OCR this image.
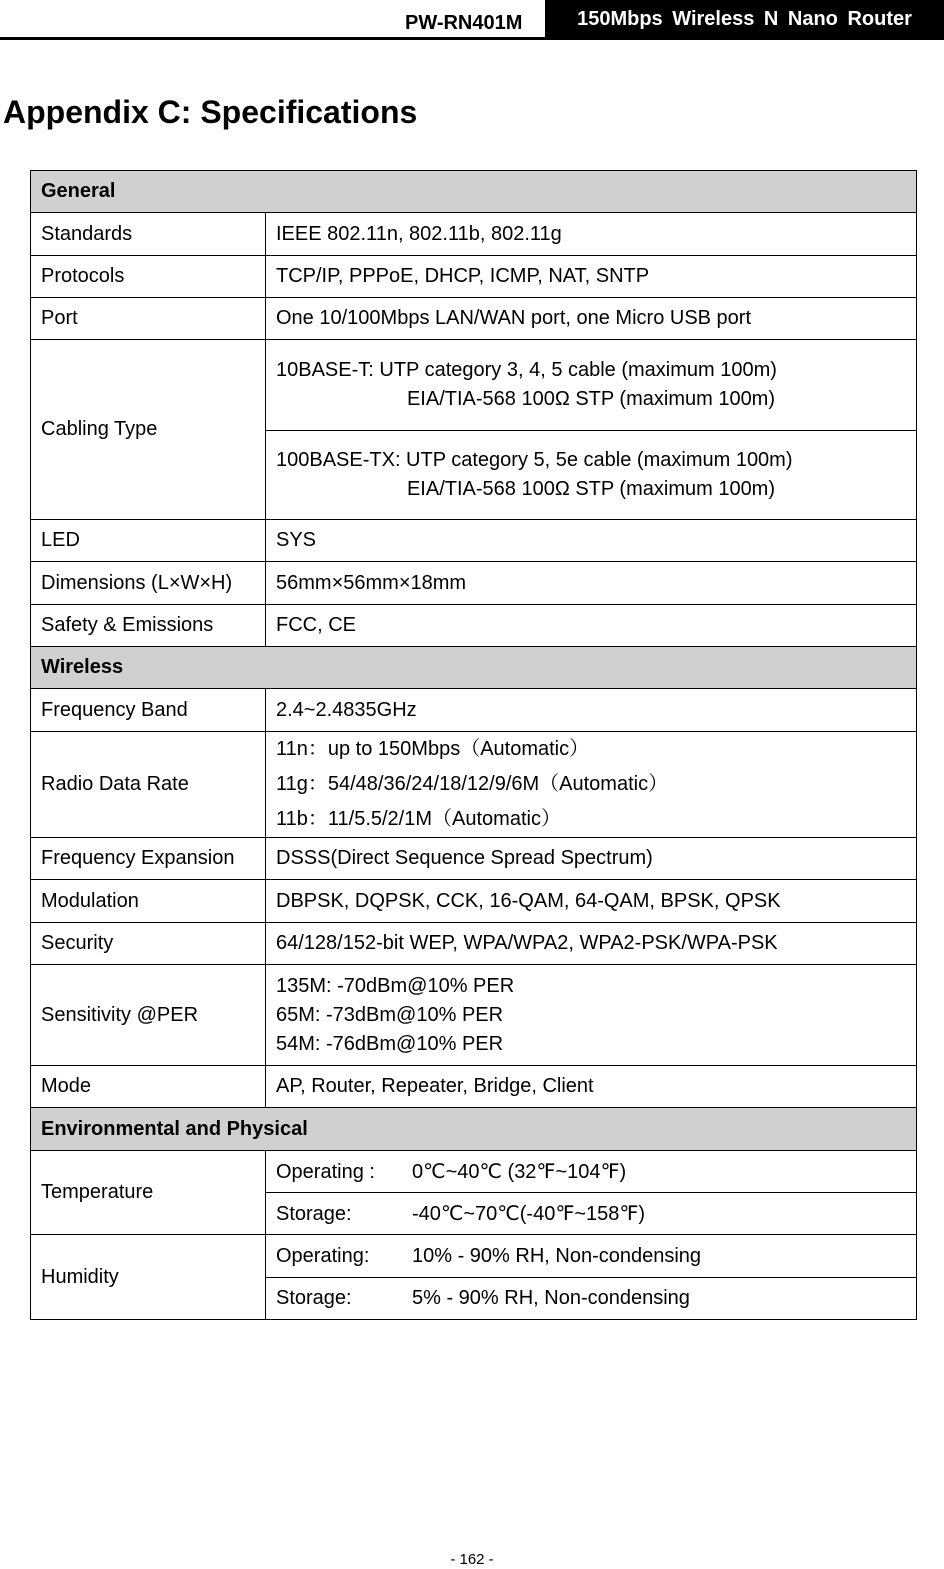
PW-RN401M	150Mbps Wireless N Nano Router
Appendix C: Specifications
General	
Standards	IEEE 802.11n, 802.11b, 802.11g
Protocols	TCP/IP, PPPoE, DHCP, ICMP, NAT, SNTP
Port	One 10/100Mbps LAN/WAN port, one Micro USB port
Cabling Type	10BASE-T: UTP category 3, 4, 5 cable (maximum 100m)
EIA/TIA-568 100Ω STP (maximum 100m)

	100BASE-TX: UTP category 5, 5e cable (maximum 100m)
EIA/TIA-568 100Ω STP (maximum 100m)

LED	SYS
Dimensions (L×W×H)	56mm×56mm×18mm
Safety & Emissions	FCC, CE
Wireless	
Frequency Band	2.4~2.4835GHz
Radio Data Rate	11n：up to 150Mbps（Automatic）
11g：54/48/36/24/18/12/9/6M（Automatic）
11b：11/5.5/2/1M（Automatic）

Frequency Expansion	DSSS(Direct Sequence Spread Spectrum)
Modulation	DBPSK, DQPSK, CCK, 16-QAM, 64-QAM, BPSK, QPSK
Security	64/128/152-bit WEP, WPA/WPA2, WPA2-PSK/WPA-PSK
Sensitivity @PER	135M: -70dBm@10% PER
65M: -73dBm@10% PER
54M: -76dBm@10% PER

Mode	AP, Router, Repeater, Bridge, Client
Environmental and Physical	
Temperature	Operating : 0℃~40℃ (32℉~104℉)
	Storage: -40℃~70℃(-40℉~158℉)
Humidity	Operating: 10% - 90% RH, Non-condensing
	Storage: 5% - 90% RH, Non-condensing
- 162 -
